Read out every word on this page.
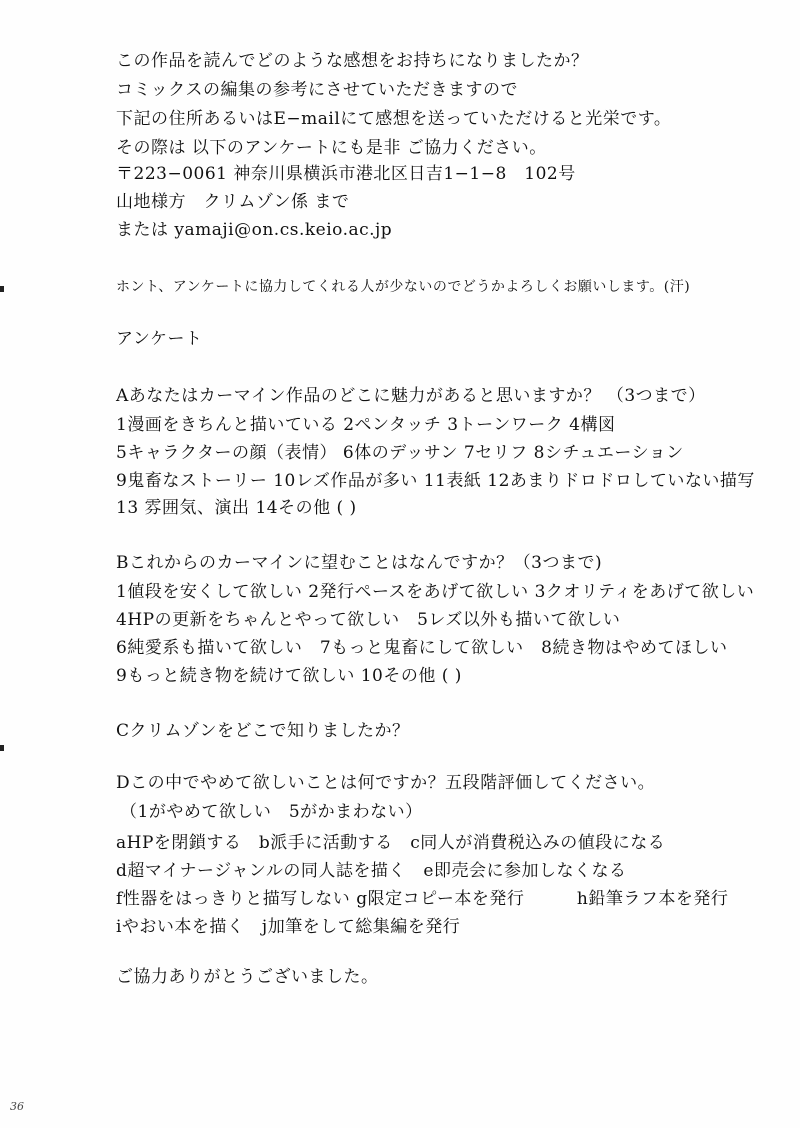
この作品を読んでどのような感想をお持ちになりましたか？
コミックスの編集の参考にさせていただきますので
下記の住所あるいはE−mailにて感想を送っていただけると光栄です。
その際は 以下のアンケートにも是非 ご協力ください。
〒223−0061 神奈川県横浜市港北区日吉1−1−8　102号
山地様方　クリムゾン係 まで
または yamaji@on.cs.keio.ac.jp
ホント、アンケートに協力してくれる人が少ないのでどうかよろしくお願いします。(汗)
アンケート
Aあなたはカーマイン作品のどこに魅力があると思いますか？ （3つまで）
1漫画をきちんと描いている 2ペンタッチ 3トーンワーク 4構図
5キャラクターの顔（表情） 6体のデッサン 7セリフ 8シチュエーション
9鬼畜なストーリー 10レズ作品が多い 11表紙 12あまりドロドロしていない描写
13 雰囲気、演出 14その他 ( )
Bこれからのカーマインに望むことはなんですか？（3つまで)
1値段を安くして欲しい 2発行ペースをあげて欲しい 3クオリティをあげて欲しい
4HPの更新をちゃんとやって欲しい　5レズ以外も描いて欲しい
6純愛系も描いて欲しい　7もっと鬼畜にして欲しい　8続き物はやめてほしい
9もっと続き物を続けて欲しい 10その他 ( )
Cクリムゾンをどこで知りましたか？
Dこの中でやめて欲しいことは何ですか？五段階評価してください。
（1がやめて欲しい　5がかまわない）
aHPを閉鎖する　b派手に活動する　c同人が消費税込みの値段になる
d超マイナージャンルの同人誌を描く　e即売会に参加しなくなる
f性器をはっきりと描写しない g限定コピー本を発行　　　h鉛筆ラフ本を発行
iやおい本を描く　j加筆をして総集編を発行
ご協力ありがとうございました。
36
